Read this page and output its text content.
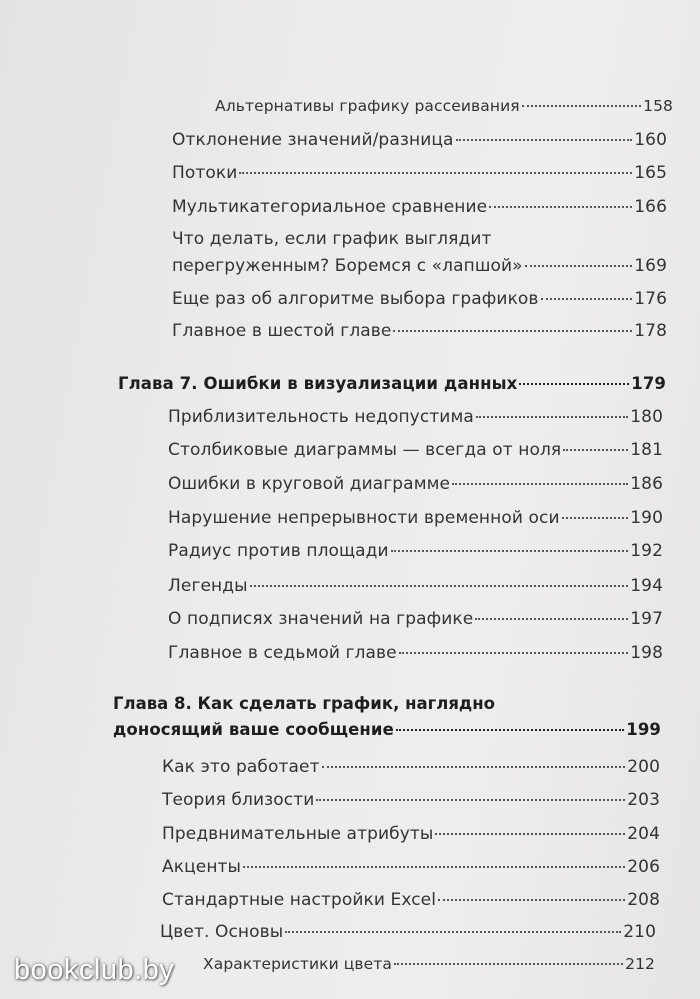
Альтернативы графику рассеивания	158
Отклонение значений/разница	160
Потоки	165
Мультикатегориальное сравнение	166
Что делать, если график выглядит
перегруженным? Боремся с «лапшой»	169
Еще раз об алгоритме выбора графиков	176
Главное в шестой главе	178
Глава 7. Ошибки в визуализации данных	179
Приблизительность недопустима	180
Столбиковые диаграммы — всегда от ноля	181
Ошибки в круговой диаграмме	186
Нарушение непрерывности временной оси	190
Радиус против площади	192
Легенды	194
О подписях значений на графике	197
Главное в седьмой главе	198
Глава 8. Как сделать график, наглядно
доносящий ваше сообщение	199
Как это работает	200
Теория близости	203
Предвнимательные атрибуты	204
Акценты	206
Стандартные настройки Excel	208
Цвет. Основы	210
Характеристики цвета	212
bookclub.by
